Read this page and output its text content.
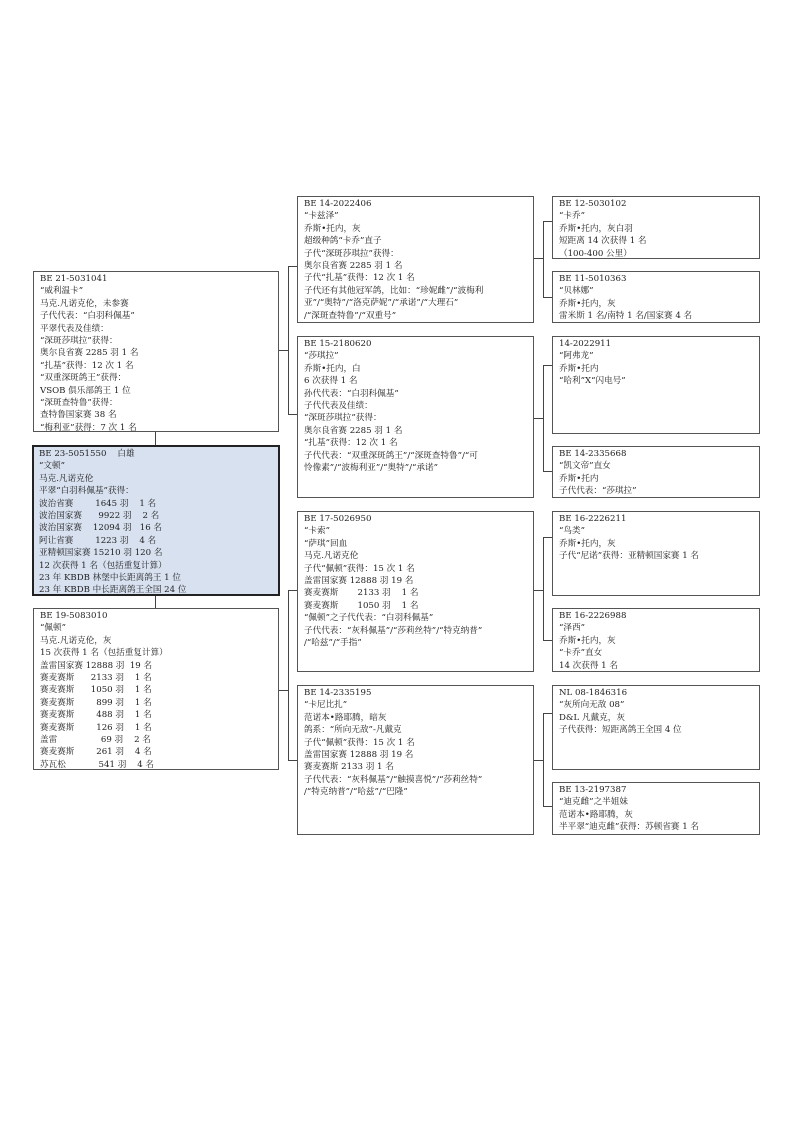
BE 21-5031041
“威利温卡”
马克.凡诺克伦，未参赛
子代代表：“白羽科佩基”
平翠代表及佳绩：
“深斑莎琪拉”获得：
奥尔良省赛 2285 羽 1 名
“扎基”获得：12 次 1 名
“双重深斑鸽王”获得：
VSOB 俱乐部鸽王 1 位
“深斑查特鲁”获得：
查特鲁国家赛 38 名
“梅利亚”获得：7 次 1 名
BE 23-5051550    白雄
“文顿”
马克.凡诺克伦
平翠“白羽科佩基”获得：
波治省赛        1645 羽    1 名
波治国家赛      9922 羽    2 名
波治国家赛    12094 羽   16 名
阿让省赛        1223 羽    4 名
亚精顿国家赛 15210 羽 120 名
12 次获得 1 名（包括重复计算）
23 年 KBDB 林堡中长距离鸽王 1 位
23 年 KBDB 中长距离鸽王全国 24 位
BE 19-5083010
“佩顿”
马克.凡诺克伦，灰
15 次获得 1 名（包括重复计算）
盖雷国家赛 12888 羽  19 名
赛麦赛斯      2133 羽    1 名
赛麦赛斯      1050 羽    1 名
赛麦赛斯        899 羽    1 名
赛麦赛斯        488 羽    1 名
赛麦赛斯        126 羽    1 名
盖雷                69 羽    2 名
赛麦赛斯        261 羽    4 名
苏瓦松            541 羽    4 名
BE 14-2022406
“卡兹泽”
乔斯•托内，灰
超级种鸽“卡乔”直子
子代“深斑莎琪拉”获得：
奥尔良省赛 2285 羽 1 名
子代“扎基”获得：12 次 1 名
子代还有其他冠军鸽，比如：“珍妮雌”/“波梅利
亚”/“奥特”/“洛克萨妮”/“承诺”/“大理石”
/“深斑查特鲁”/“双重号”
BE 15-2180620
“莎琪拉”
乔斯•托内，白
6 次获得 1 名
孙代代表：“白羽科佩基”
子代代表及佳绩：
“深斑莎琪拉”获得：
奥尔良省赛 2285 羽 1 名
“扎基”获得：12 次 1 名
子代代表：“双重深斑鸽王”/“深斑查特鲁”/“可
怜像素”/“波梅利亚”/“奥特”/“承诺”
BE 17-5026950
“卡索”
“萨琪”回血
马克.凡诺克伦
子代“佩顿”获得：15 次 1 名
盖雷国家赛 12888 羽 19 名
赛麦赛斯       2133 羽    1 名
赛麦赛斯       1050 羽    1 名
“佩顿”之子代代表：“白羽科佩基”
子代代表：“灰科佩基”/“莎莉丝特”/“特克纳普”
/“哈兹”/“手指”
BE 14-2335195
“卡尼比扎”
范诺本•路耶腾，暗灰
鸽系：“所向无敌”-凡戴克
子代“佩顿”获得：15 次 1 名
盖雷国家赛 12888 羽 19 名
赛麦赛斯 2133 羽 1 名
子代代表：“灰科佩基”/“触摸喜悦”/“莎莉丝特”
/“特克纳普”/“哈兹”/“巴隆”
BE 12-5030102
“卡乔”
乔斯•托内，灰白羽
短距离 14 次获得 1 名
（100-400 公里）
BE 11-5010363
“贝林娜”
乔斯•托内，灰
雷米斯 1 名/南特 1 名/国家赛 4 名
14-2022911
“阿弗龙”
乔斯•托内
“哈利”X“闪电号”
BE 14-2335668
“凯文帝”直女
乔斯•托内
子代代表：“莎琪拉”
BE 16-2226211
“鸟类”
乔斯•托内，灰
子代“尼诺”获得：亚精顿国家赛 1 名
BE 16-2226988
“泽西”
乔斯•托内，灰
“卡乔”直女
14 次获得 1 名
NL 08-1846316
“灰所向无敌 08”
D&L 凡戴克，灰
子代获得：短距离鸽王全国 4 位
BE 13-2197387
“迪克雌”之半姐妹
范诺本•路耶腾，灰
半平翠“迪克雌”获得：苏顿省赛 1 名
